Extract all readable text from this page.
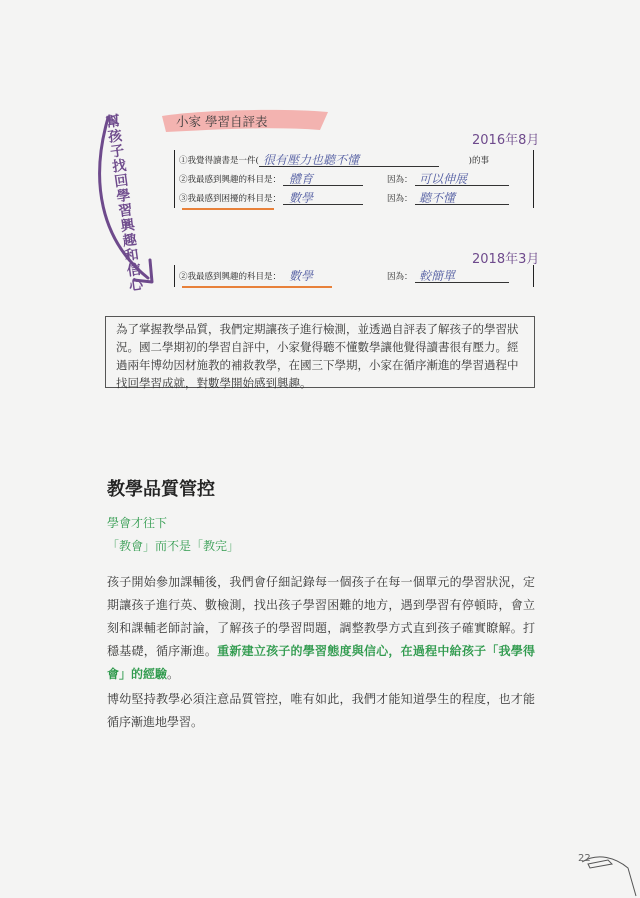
幫孩子找回學習興趣和信心	小家 學習自評表
2016年8月
①我覺得讀書是一件( 很有壓力也聽不懂	)的事
②我最感到興趣的科目是： 體育	因為： 可以伸展
③我最感到困擾的科目是： 數學	因為： 聽不懂
2018年3月
②我最感到興趣的科目是： 數學	因為： 較簡單
為了掌握教學品質，我們定期讓孩子進行檢測，並透過自評表了解孩子的學習狀況。國二學期初的學習自評中，小家覺得聽不懂數學讓他覺得讀書很有壓力。經過兩年博幼因材施教的補救教學，在國三下學期，小家在循序漸進的學習過程中找回學習成就，對數學開始感到興趣。
教學品質管控
學會才往下
「教會」而不是「教完」
孩子開始參加課輔後，我們會仔細記錄每一個孩子在每一個單元的學習狀況，定期讓孩子進行英、數檢測，找出孩子學習困難的地方，遇到學習有停頓時，會立刻和課輔老師討論，了解孩子的學習問題，調整教學方式直到孩子確實瞭解。打穩基礎，循序漸進。重新建立孩子的學習態度與信心，在過程中給孩子「我學得會」的經驗。
博幼堅持教學必須注意品質管控，唯有如此，我們才能知道學生的程度，也才能循序漸進地學習。
22
